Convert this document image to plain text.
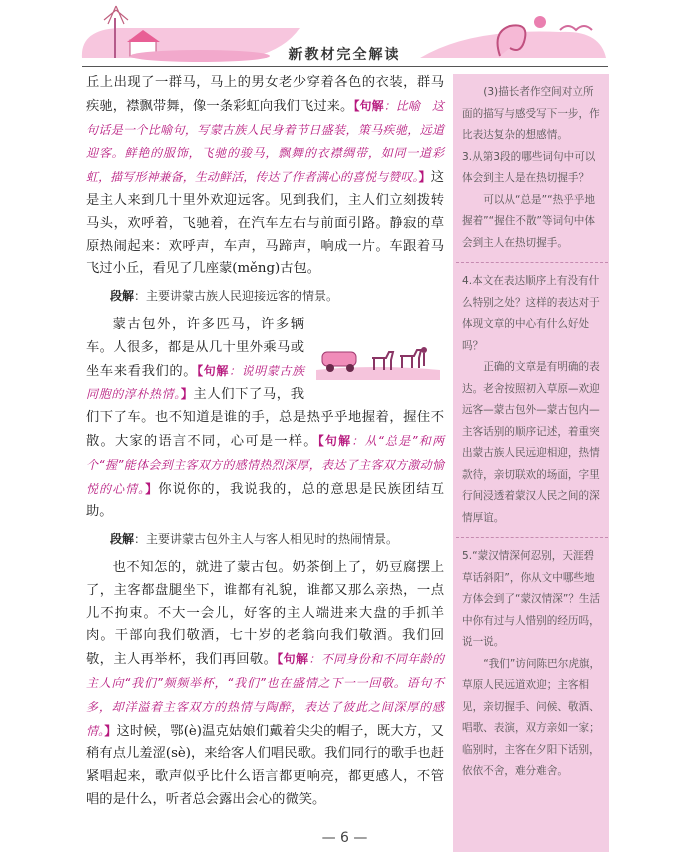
新教材完全解读

丘上出现了一群马，马上的男女老少穿着各色的衣装，群马疾驰，襟飘带舞，像一条彩虹向我们飞过来。【句解：比喻　这句话是一个比喻句，写蒙古族人民身着节日盛装，策马疾驰，远道迎客。鲜艳的服饰，飞驰的骏马，飘舞的衣襟绸带，如同一道彩虹，描写形神兼备，生动鲜活，传达了作者满心的喜悦与赞叹。】这是主人来到几十里外欢迎远客。见到我们，主人们立刻拨转马头，欢呼着，飞驰着，在汽车左右与前面引路。静寂的草原热闹起来：欢呼声，车声，马蹄声，响成一片。车跟着马飞过小丘，看见了几座蒙(měng)古包。

段解：主要讲蒙古族人民迎接远客的情景。

蒙古包外，许多匹马，许多辆车。人很多，都是从几十里外乘马或坐车来看我们的。【句解：说明蒙古族同胞的淳朴热情。】主人们下了马，我们下了车。也不知道是谁的手，总是热乎乎地握着，握住不散。大家的语言不同，心可是一样。【句解：从“总是”和两个“握”能体会到主客双方的感情热烈深厚，表达了主客双方激动愉悦的心情。】你说你的，我说我的，总的意思是民族团结互助。

段解：主要讲蒙古包外主人与客人相见时的热闹情景。

也不知怎的，就进了蒙古包。奶茶倒上了，奶豆腐摆上了，主客都盘腿坐下，谁都有礼貌，谁都又那么亲热，一点儿不拘束。不大一会儿，好客的主人端进来大盘的手抓羊肉。干部向我们敬酒，七十岁的老翁向我们敬酒。我们回敬，主人再举杯，我们再回敬。【句解：不同身份和不同年龄的主人向“我们”频频举杯，“我们”也在盛情之下一一回敬。语句不多，却洋溢着主客双方的热情与陶醉，表达了彼此之间深厚的感情。】这时候，鄂(è)温克姑娘们戴着尖尖的帽子，既大方，又稍有点儿羞涩(sè)，来给客人们唱民歌。我们同行的歌手也赶紧唱起来，歌声似乎比什么语言都更响亮，都更感人，不管唱的是什么，听者总会露出会心的微笑。

(3)描长者作空间对立所面的描写与感受写下一步，作比表达复杂的想感情。

3.从第3段的哪些词句中可以体会到主人是在热切握手？

可以从“总是”“热乎乎地握着”“握住不散”等词句中体会到主人在热切握手。

4.本文在表达顺序上有没有什么特别之处？这样的表达对于体现文章的中心有什么好处吗？

正确的文章是有明确的表达。老舍按照初入草原—欢迎远客—蒙古包外—蒙古包内—主客话别的顺序记述，着重突出蒙古族人民远迎相迎，热情款待，亲切联欢的场面，字里行间浸透着蒙汉人民之间的深情厚谊。

5.“蒙汉情深何忍别，天涯碧草话斜阳”，你从文中哪些地方体会到了“蒙汉情深”？生活中你有过与人惜别的经历吗，说一说。

“我们”访问陈巴尔虎旗，草原人民远道欢迎；主客相见，亲切握手、问候、敬酒、唱歌、表演，双方亲如一家；临别时，主客在夕阳下话别，依依不舍，难分难舍。

— 6 —
